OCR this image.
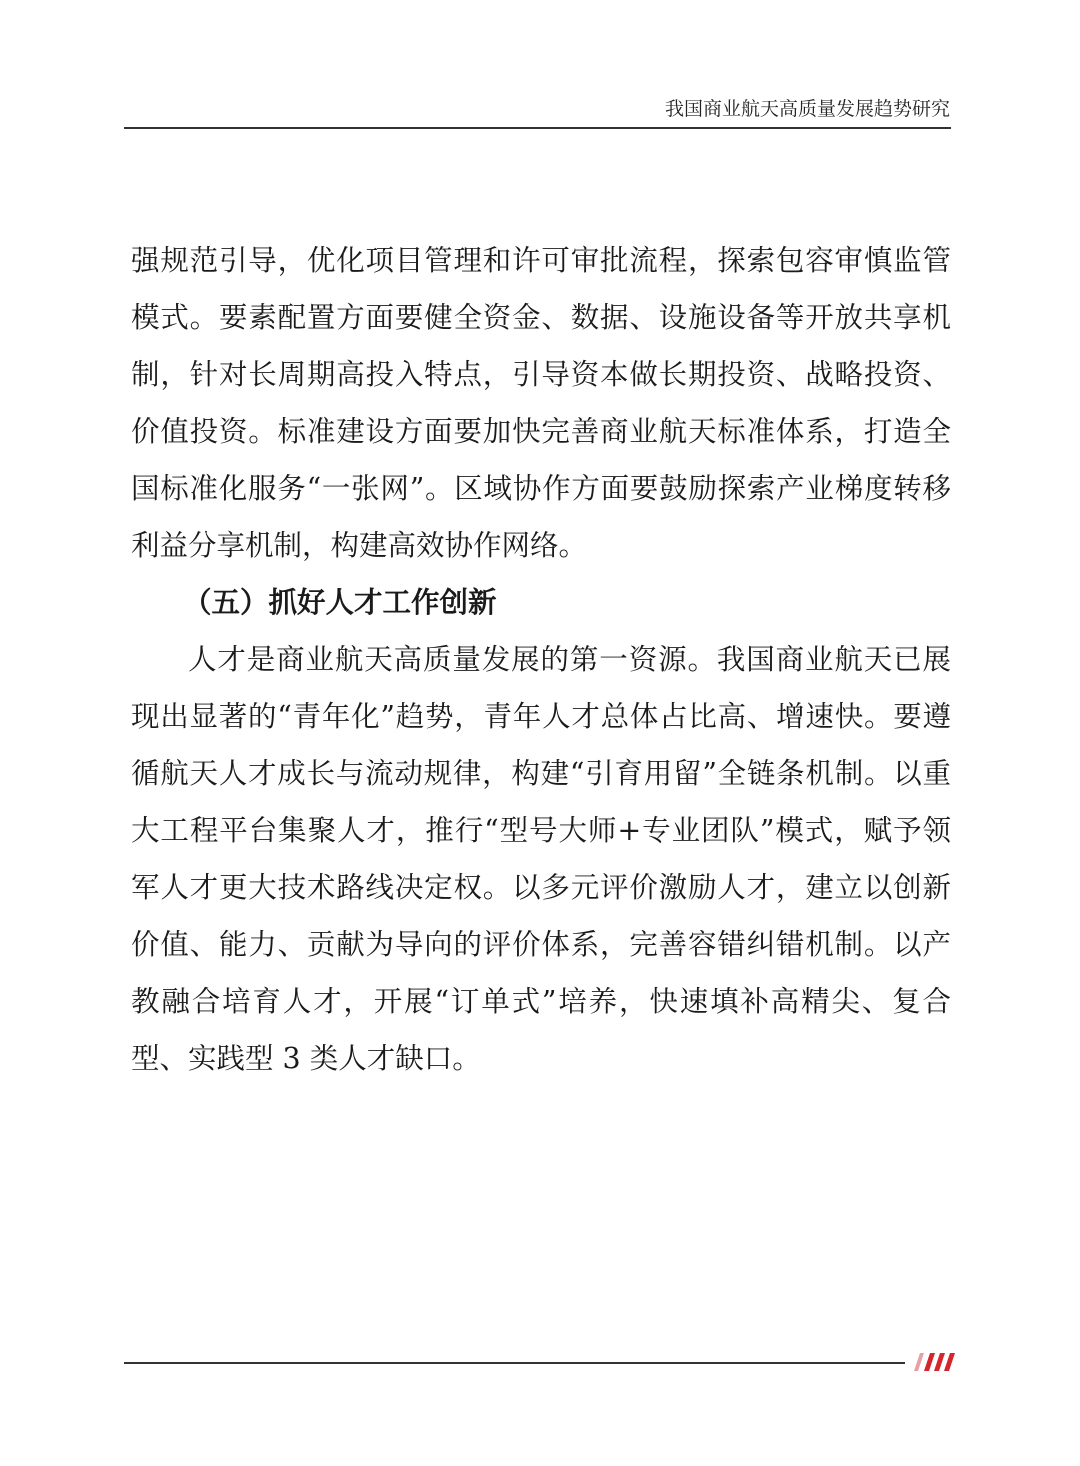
我国商业航天高质量发展趋势研究

强规范引导，优化项目管理和许可审批流程，探索包容审慎监管模式。要素配置方面要健全资金、数据、设施设备等开放共享机制，针对长周期高投入特点，引导资本做长期投资、战略投资、价值投资。标准建设方面要加快完善商业航天标准体系，打造全国标准化服务“一张网”。区域协作方面要鼓励探索产业梯度转移利益分享机制，构建高效协作网络。

（五）抓好人才工作创新

人才是商业航天高质量发展的第一资源。我国商业航天已展现出显著的“青年化”趋势，青年人才总体占比高、增速快。要遵循航天人才成长与流动规律，构建“引育用留”全链条机制。以重大工程平台集聚人才，推行“型号大师+专业团队”模式，赋予领军人才更大技术路线决定权。以多元评价激励人才，建立以创新价值、能力、贡献为导向的评价体系，完善容错纠错机制。以产教融合培育人才，开展“订单式”培养，快速填补高精尖、复合型、实践型 3 类人才缺口。
